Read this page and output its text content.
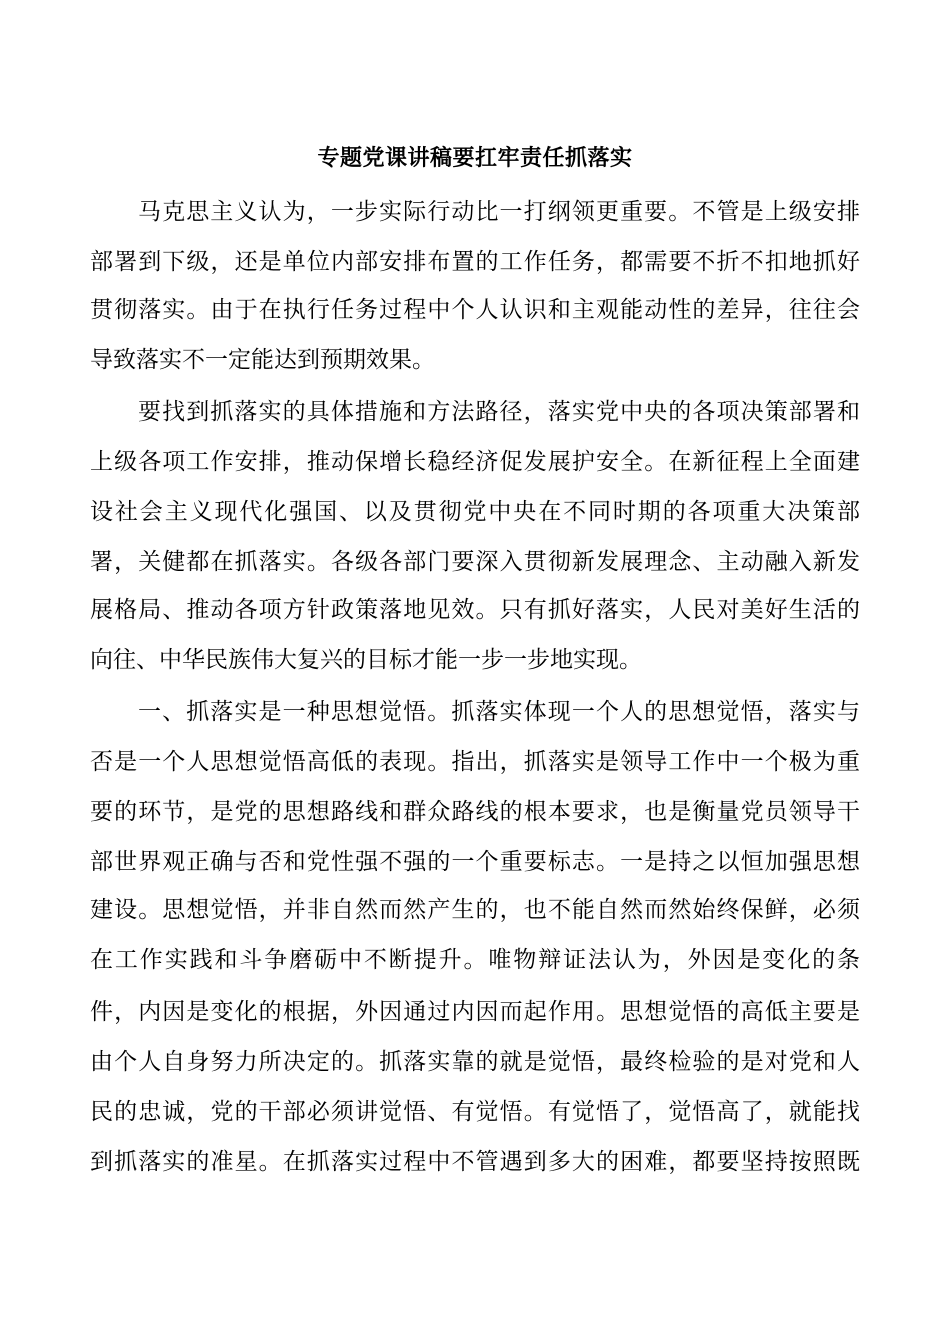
专题党课讲稿要扛牢责任抓落实
马克思主义认为，一步实际行动比一打纲领更重要。不管是上级安排
部署到下级，还是单位内部安排布置的工作任务，都需要不折不扣地抓好
贯彻落实。由于在执行任务过程中个人认识和主观能动性的差异，往往会
导致落实不一定能达到预期效果。
要找到抓落实的具体措施和方法路径，落实党中央的各项决策部署和
上级各项工作安排，推动保增长稳经济促发展护安全。在新征程上全面建
设社会主义现代化强国、以及贯彻党中央在不同时期的各项重大决策部
署，关健都在抓落实。各级各部门要深入贯彻新发展理念、主动融入新发
展格局、推动各项方针政策落地见效。只有抓好落实，人民对美好生活的
向往、中华民族伟大复兴的目标才能一步一步地实现。
一、抓落实是一种思想觉悟。抓落实体现一个人的思想觉悟，落实与
否是一个人思想觉悟高低的表现。指出，抓落实是领导工作中一个极为重
要的环节，是党的思想路线和群众路线的根本要求，也是衡量党员领导干
部世界观正确与否和党性强不强的一个重要标志。一是持之以恒加强思想
建设。思想觉悟，并非自然而然产生的，也不能自然而然始终保鲜，必须
在工作实践和斗争磨砺中不断提升。唯物辩证法认为，外因是变化的条
件，内因是变化的根据，外因通过内因而起作用。思想觉悟的高低主要是
由个人自身努力所决定的。抓落实靠的就是觉悟，最终检验的是对党和人
民的忠诚，党的干部必须讲觉悟、有觉悟。有觉悟了，觉悟高了，就能找
到抓落实的准星。在抓落实过程中不管遇到多大的困难，都要坚持按照既
